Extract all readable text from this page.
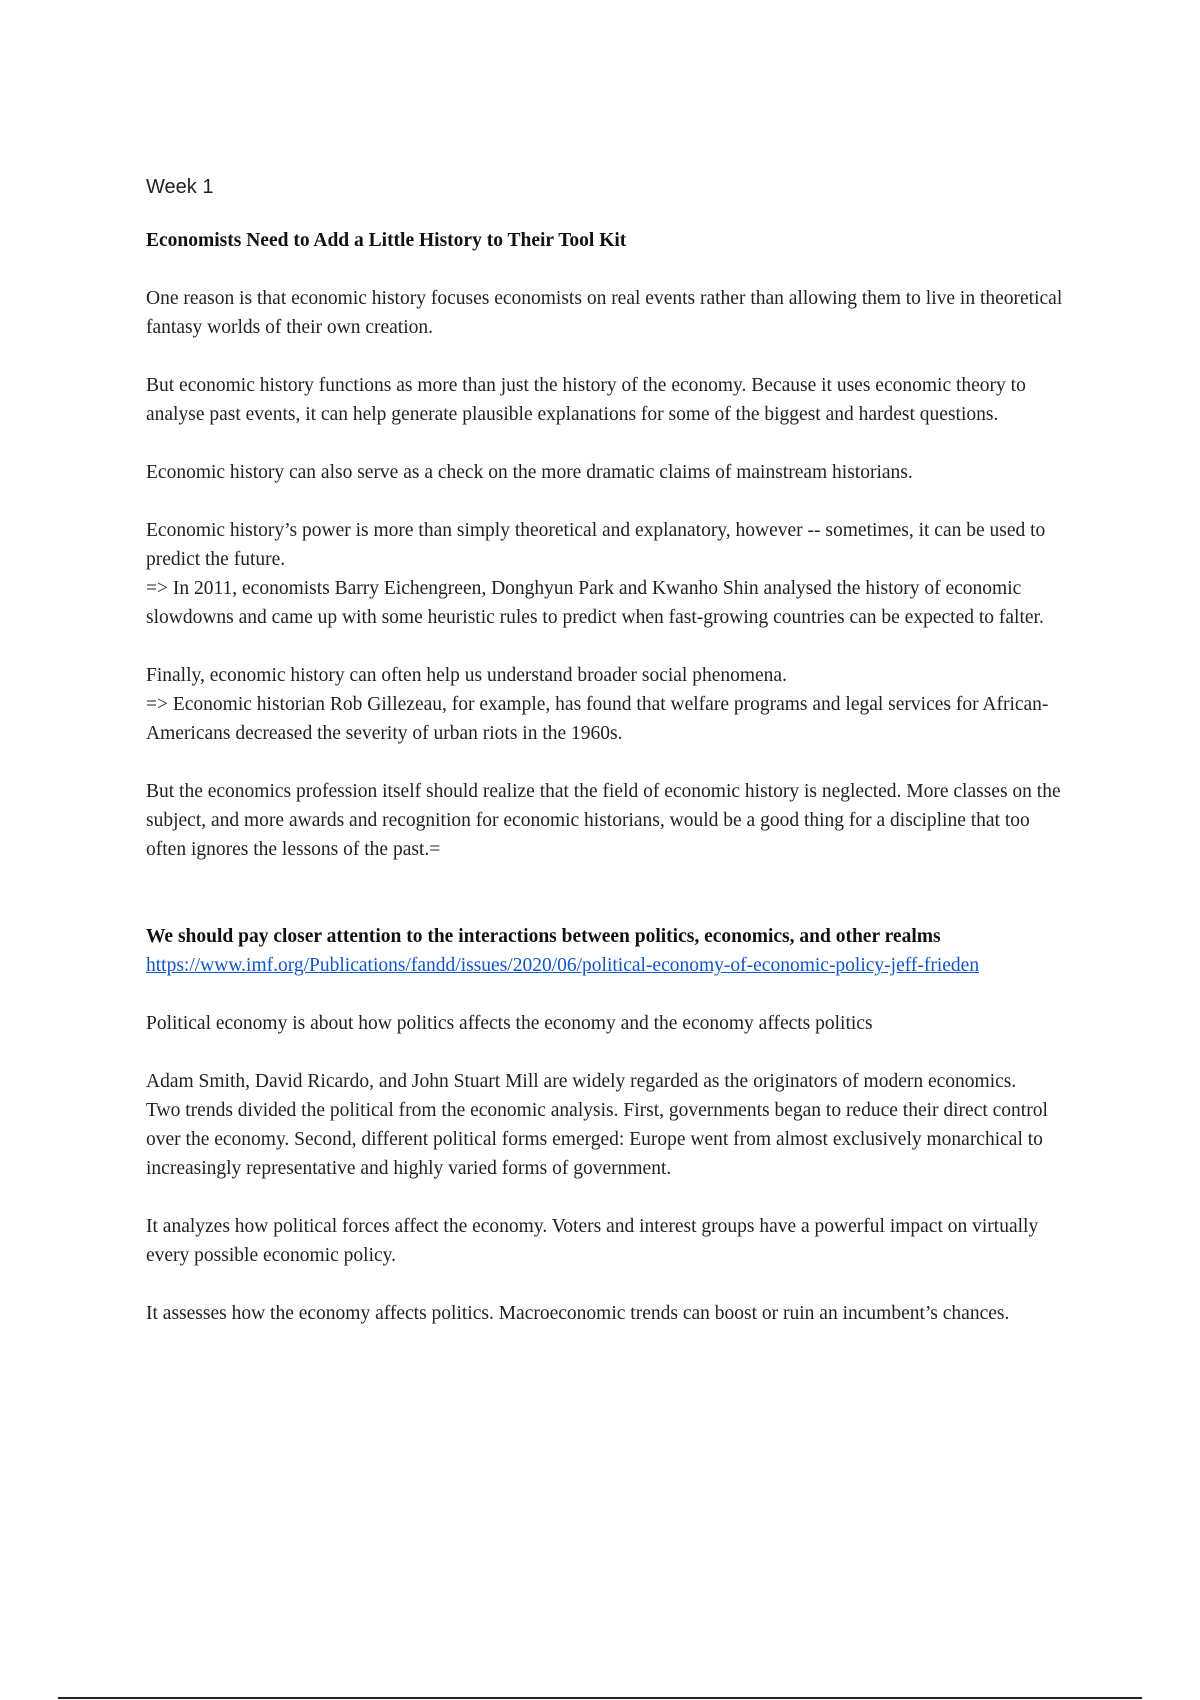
Week 1
Economists Need to Add a Little History to Their Tool Kit

One reason is that economic history focuses economists on real events rather than allowing them to live in theoretical fantasy worlds of their own creation.

But economic history functions as more than just the history of the economy. Because it uses economic theory to analyse past events, it can help generate plausible explanations for some of the biggest and hardest questions.

Economic history can also serve as a check on the more dramatic claims of mainstream historians.

Economic history’s power is more than simply theoretical and explanatory, however -- sometimes, it can be used to predict the future.
=> In 2011, economists Barry Eichengreen, Donghyun Park and Kwanho Shin analysed the history of economic slowdowns and came up with some heuristic rules to predict when fast-growing countries can be expected to falter.
Finally, economic history can often help us understand broader social phenomena.
=> Economic historian Rob Gillezeau, for example, has found that welfare programs and legal services for African-Americans decreased the severity of urban riots in the 1960s.

But the economics profession itself should realize that the field of economic history is neglected. More classes on the subject, and more awards and recognition for economic historians, would be a good thing for a discipline that too often ignores the lessons of the past.=

We should pay closer attention to the interactions between politics, economics, and other realms
https://www.imf.org/Publications/fandd/issues/2020/06/political-economy-of-economic-policy-jeff-frieden

Political economy is about how politics affects the economy and the economy affects politics

Adam Smith, David Ricardo, and John Stuart Mill are widely regarded as the originators of modern economics.
Two trends divided the political from the economic analysis. First, governments began to reduce their direct control over the economy. Second, different political forms emerged: Europe went from almost exclusively monarchical to increasingly representative and highly varied forms of government.

It analyzes how political forces affect the economy. Voters and interest groups have a powerful impact on virtually every possible economic policy.

It assesses how the economy affects politics. Macroeconomic trends can boost or ruin an incumbent’s chances.
